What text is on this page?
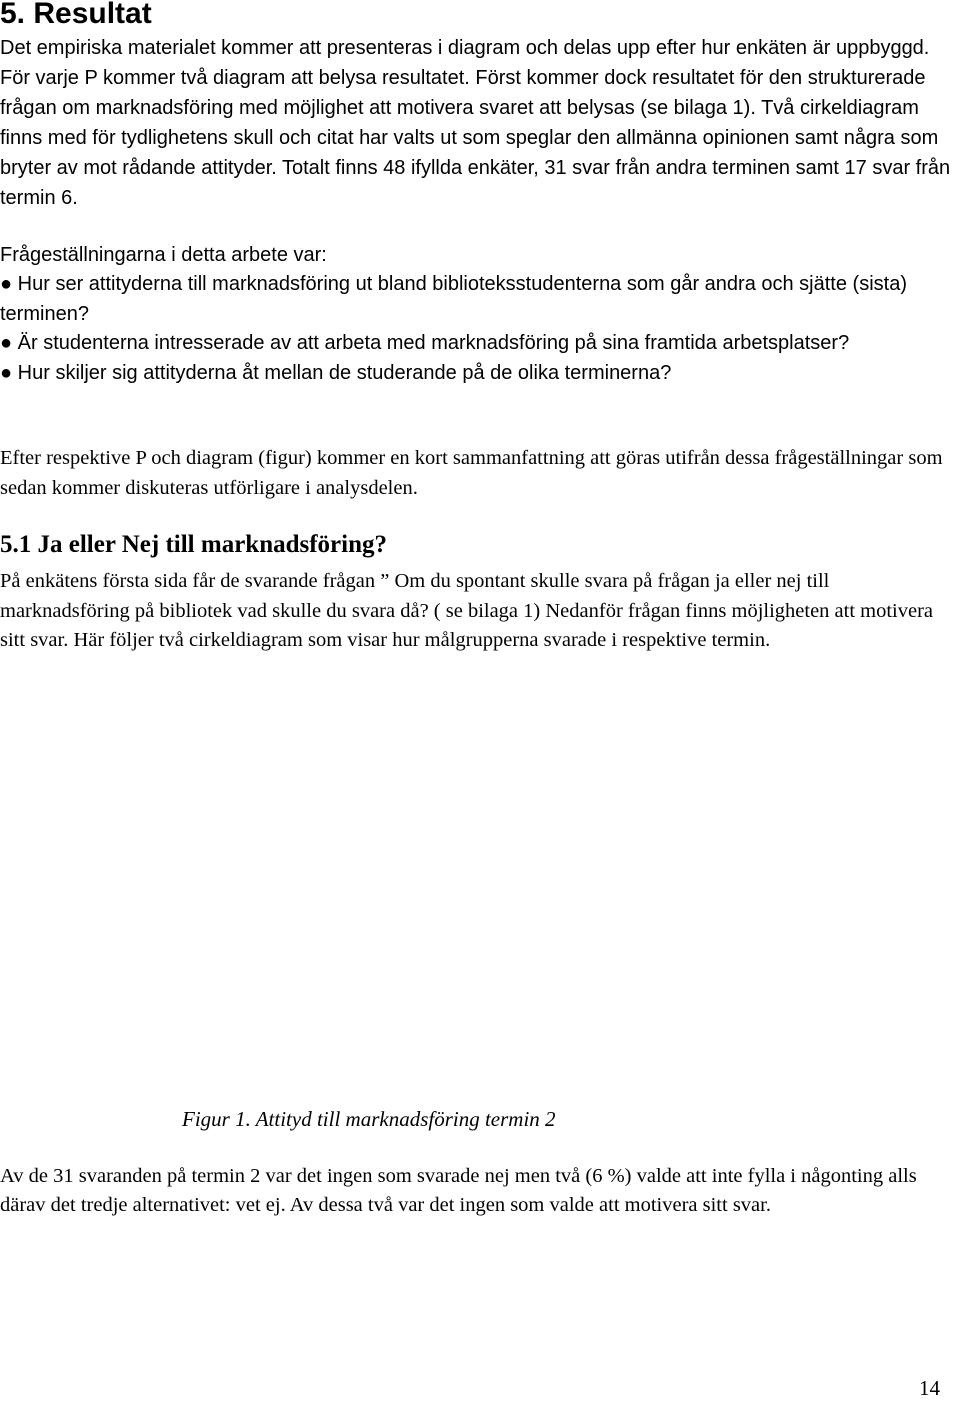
5. Resultat

Det empiriska materialet kommer att presenteras i diagram och delas upp efter hur enkäten är uppbyggd. För varje P kommer två diagram att belysa resultatet. Först kommer dock resultatet för den strukturerade frågan om marknadsföring med möjlighet att motivera svaret att belysas (se bilaga 1). Två cirkeldiagram finns med för tydlighetens skull och citat har valts ut som speglar den allmänna opinionen samt några som bryter av mot rådande attityder. Totalt finns 48 ifyllda enkäter, 31 svar från andra terminen samt 17 svar från termin 6.

Frågeställningarna i detta arbete var:
● Hur ser attityderna till marknadsföring ut bland biblioteksstudenterna som går andra och sjätte (sista) terminen?
● Är studenterna intresserade av att arbeta med marknadsföring på sina framtida arbetsplatser?
● Hur skiljer sig attityderna åt mellan de studerande på de olika terminerna?

Efter respektive P och diagram (figur) kommer en kort sammanfattning att göras utifrån dessa frågeställningar som sedan kommer diskuteras utförligare i analysdelen.

5.1 Ja eller Nej till marknadsföring?

På enkätens första sida får de svarande frågan ” Om du spontant skulle svara på frågan ja eller nej till marknadsföring på bibliotek vad skulle du svara då? ( se bilaga 1) Nedanför frågan finns möjligheten att motivera sitt svar. Här följer två cirkeldiagram som visar hur målgrupperna svarade i respektive termin.

Figur 1. Attityd till marknadsföring termin 2

Av de 31 svaranden på termin 2 var det ingen som svarade nej men två (6 %) valde att inte fylla i någonting alls därav det tredje alternativet: vet ej. Av dessa två var det ingen som valde att motivera sitt svar.

14
